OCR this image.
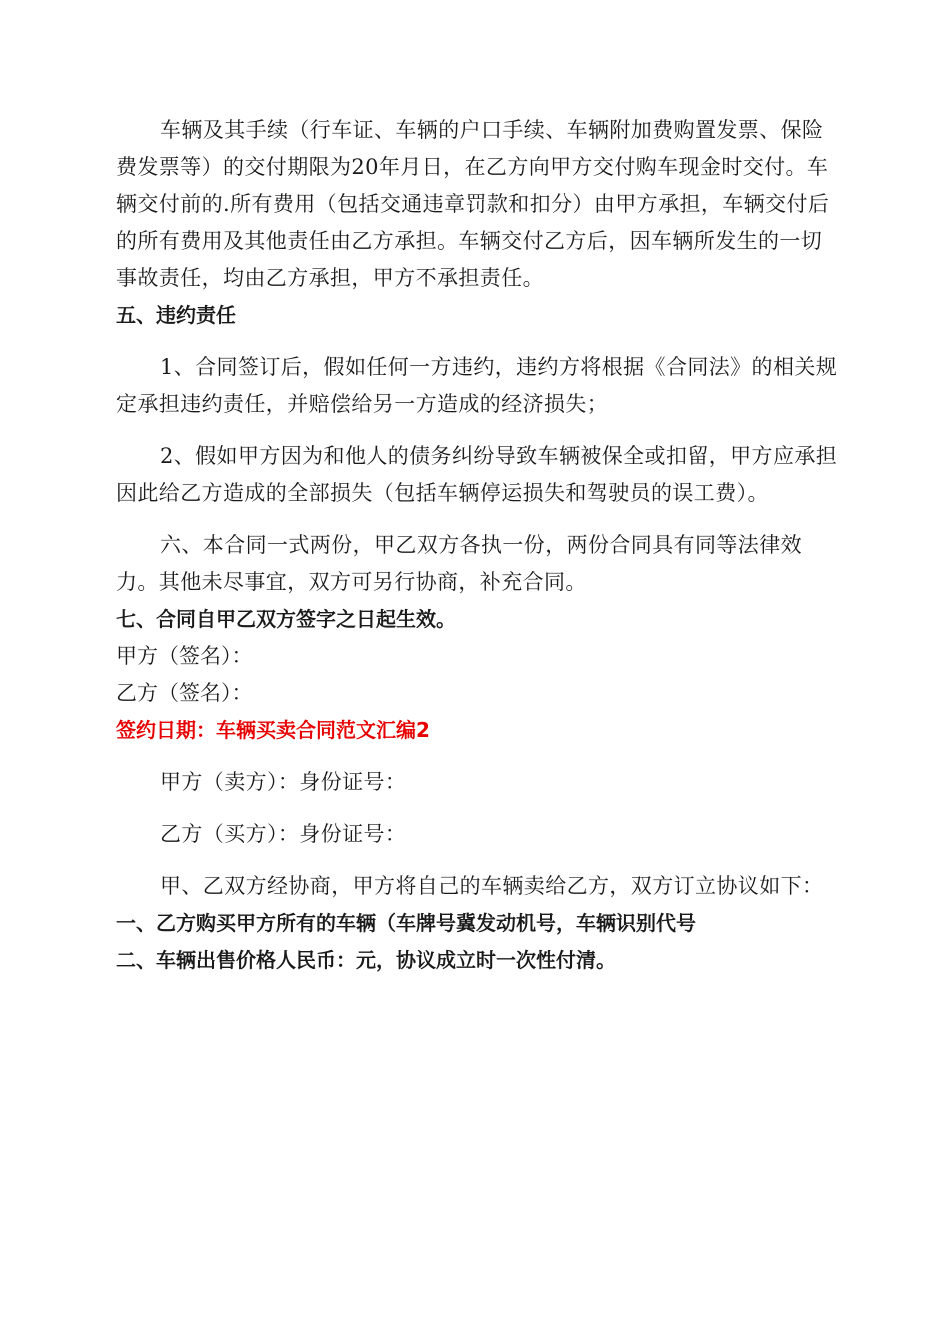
车辆及其手续（行车证、车辆的户口手续、车辆附加费购置发票、保险费发票等）的交付期限为20年月日，在乙方向甲方交付购车现金时交付。车辆交付前的.所有费用（包括交通违章罚款和扣分）由甲方承担，车辆交付后的所有费用及其他责任由乙方承担。车辆交付乙方后，因车辆所发生的一切事故责任，均由乙方承担，甲方不承担责任。

五、违约责任

1、合同签订后，假如任何一方违约，违约方将根据《合同法》的相关规定承担违约责任，并赔偿给另一方造成的经济损失；

2、假如甲方因为和他人的债务纠纷导致车辆被保全或扣留，甲方应承担因此给乙方造成的全部损失（包括车辆停运损失和驾驶员的误工费）。

六、本合同一式两份，甲乙双方各执一份，两份合同具有同等法律效力。其他未尽事宜，双方可另行协商，补充合同。

七、合同自甲乙双方签字之日起生效。

甲方（签名）：

乙方（签名）：

签约日期：车辆买卖合同范文汇编2

甲方（卖方）：身份证号：

乙方（买方）：身份证号：

甲、乙双方经协商，甲方将自己的车辆卖给乙方，双方订立协议如下：

一、乙方购买甲方所有的车辆（车牌号冀发动机号，车辆识别代号

二、车辆出售价格人民币：元，协议成立时一次性付清。
